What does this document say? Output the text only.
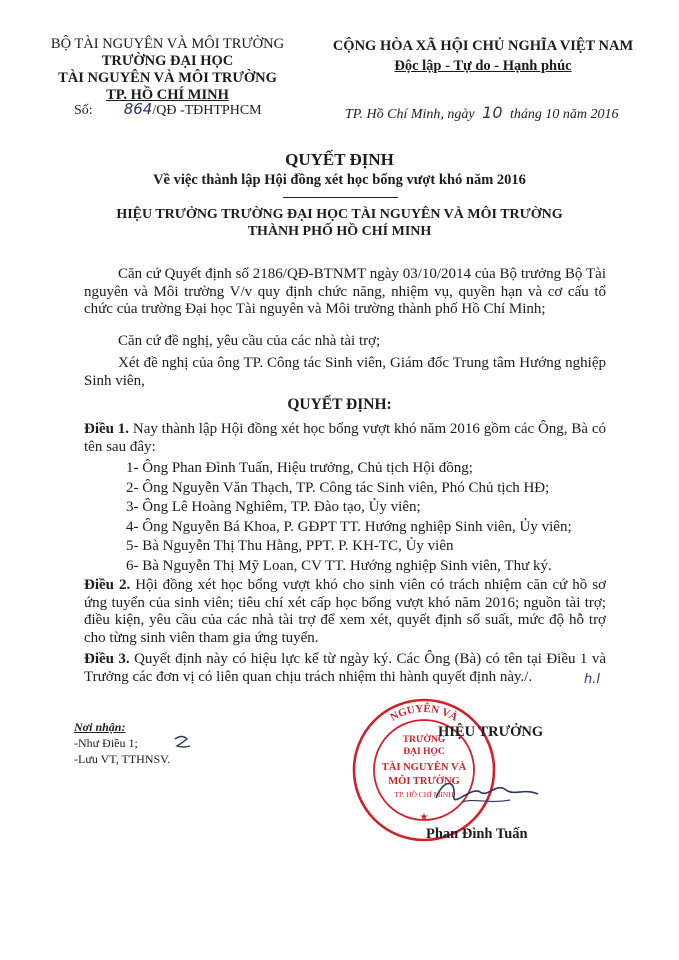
BỘ TÀI NGUYÊN VÀ MÔI TRƯỜNG
TRƯỜNG ĐẠI HỌC
TÀI NGUYÊN VÀ MÔI TRƯỜNG
TP. HỒ CHÍ MINH
CỘNG HÒA XÃ HỘI CHỦ NGHĨA VIỆT NAM
Độc lập - Tự do - Hạnh phúc
Số: 864/QĐ -TĐHTPHCM	TP. Hồ Chí Minh, ngày 10 tháng 10 năm 2016
QUYẾT ĐỊNH
Về việc thành lập Hội đồng xét học bổng vượt khó năm 2016
HIỆU TRƯỞNG TRƯỜNG ĐẠI HỌC TÀI NGUYÊN VÀ MÔI TRƯỜNG
THÀNH PHỐ HỒ CHÍ MINH
Căn cứ Quyết định số 2186/QĐ-BTNMT ngày 03/10/2014 của Bộ trưởng Bộ Tài nguyên và Môi trường V/v quy định chức năng, nhiệm vụ, quyền hạn và cơ cấu tổ chức của trường Đại học Tài nguyên và Môi trường thành phố Hồ Chí Minh;
Căn cứ đề nghị, yêu cầu của các nhà tài trợ;
Xét đề nghị của ông TP. Công tác Sinh viên, Giám đốc Trung tâm Hướng nghiệp Sinh viên,
QUYẾT ĐỊNH:
Điều 1. Nay thành lập Hội đồng xét học bổng vượt khó năm 2016 gồm các Ông, Bà có tên sau đây:
1- Ông Phan Đình Tuấn, Hiệu trưởng, Chủ tịch Hội đồng;
2- Ông Nguyễn Văn Thạch, TP. Công tác Sinh viên, Phó Chủ tịch HĐ;
3- Ông Lê Hoàng Nghiêm, TP. Đào tạo, Ủy viên;
4- Ông Nguyễn Bá Khoa, P. GĐPT TT. Hướng nghiệp Sinh viên, Ủy viên;
5- Bà Nguyễn Thị Thu Hằng, PPT. P. KH-TC, Ủy viên
6- Bà Nguyễn Thị Mỹ Loan, CV TT. Hướng nghiệp Sinh viên, Thư ký.
Điều 2. Hội đồng xét học bổng vượt khó cho sinh viên có trách nhiệm căn cứ hồ sơ ứng tuyển của sinh viên; tiêu chí xét cấp học bổng vượt khó năm 2016; nguồn tài trợ; điều kiện, yêu cầu của các nhà tài trợ để xem xét, quyết định số suất, mức độ hỗ trợ cho từng sinh viên tham gia ứng tuyển.
Điều 3. Quyết định này có hiệu lực kể từ ngày ký. Các Ông (Bà) có tên tại Điều 1 và Trưởng các đơn vị có liên quan chịu trách nhiệm thi hành quyết định này./.	h.l
Nơi nhận:
-Như Điều 1;
-Lưu VT, TTHNSV.
NGUYÊN VÀ
TRƯỜNG
ĐẠI HỌC
TÀI NGUYÊN VÀ
MÔI TRƯỜNG
TP. HỒ CHÍ MINH
★
HIỆU TRƯỞNG
Phan Đình Tuấn
